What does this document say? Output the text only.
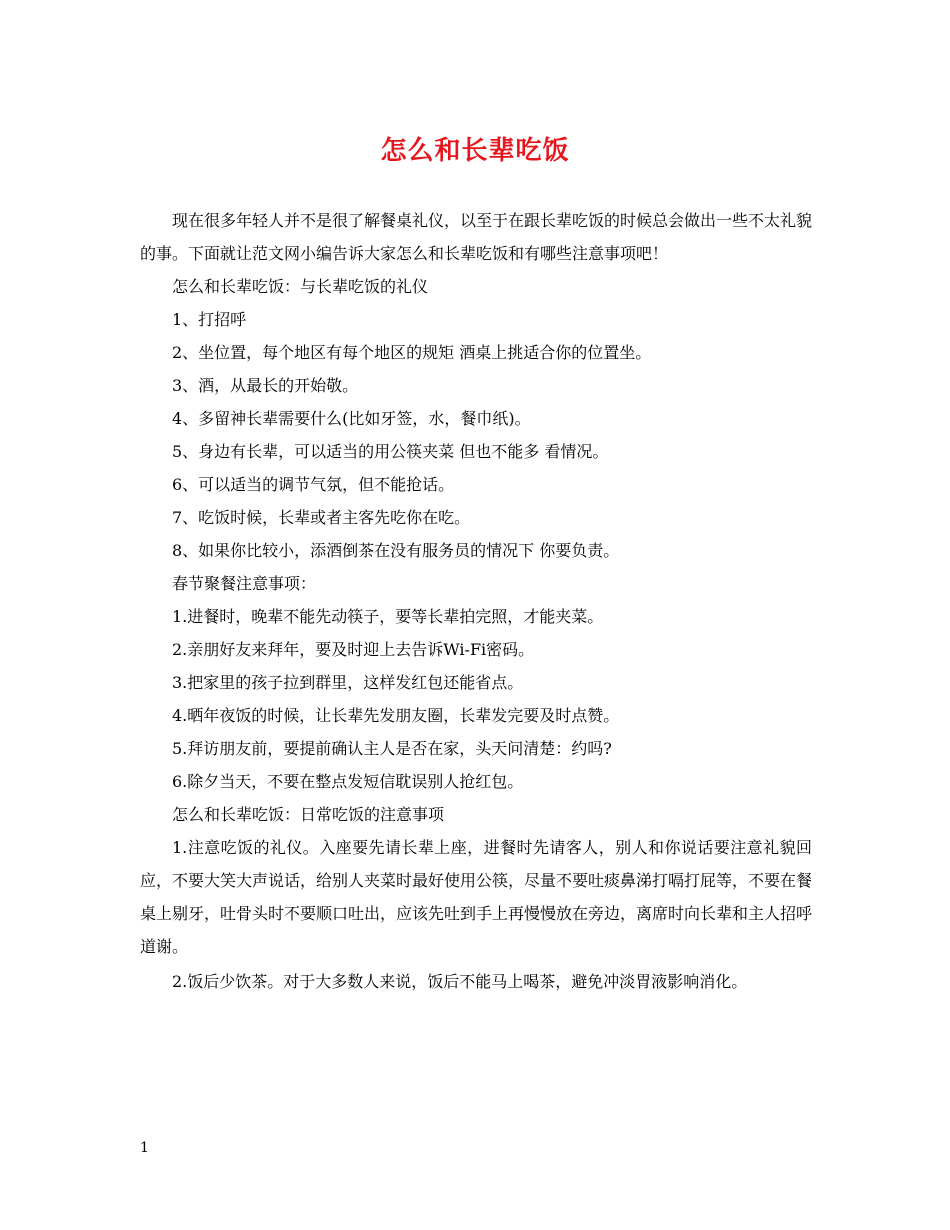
怎么和长辈吃饭

现在很多年轻人并不是很了解餐桌礼仪，以至于在跟长辈吃饭的时候总会做出一些不太礼貌的事。下面就让范文网小编告诉大家怎么和长辈吃饭和有哪些注意事项吧！

怎么和长辈吃饭：与长辈吃饭的礼仪

1、打招呼

2、坐位置，每个地区有每个地区的规矩 酒桌上挑适合你的位置坐。

3、酒，从最长的开始敬。

4、多留神长辈需要什么(比如牙签，水，餐巾纸)。

5、身边有长辈，可以适当的用公筷夹菜 但也不能多 看情况。

6、可以适当的调节气氛，但不能抢话。

7、吃饭时候，长辈或者主客先吃你在吃。

8、如果你比较小，添酒倒茶在没有服务员的情况下 你要负责。

春节聚餐注意事项：

1.进餐时，晚辈不能先动筷子，要等长辈拍完照，才能夹菜。

2.亲朋好友来拜年，要及时迎上去告诉Wi-Fi密码。

3.把家里的孩子拉到群里，这样发红包还能省点。

4.晒年夜饭的时候，让长辈先发朋友圈，长辈发完要及时点赞。

5.拜访朋友前，要提前确认主人是否在家，头天问清楚：约吗?

6.除夕当天，不要在整点发短信耽误别人抢红包。

怎么和长辈吃饭：日常吃饭的注意事项

1.注意吃饭的礼仪。入座要先请长辈上座，进餐时先请客人，别人和你说话要注意礼貌回应，不要大笑大声说话，给别人夹菜时最好使用公筷，尽量不要吐痰鼻涕打嗝打屁等，不要在餐桌上剔牙，吐骨头时不要顺口吐出，应该先吐到手上再慢慢放在旁边，离席时向长辈和主人招呼道谢。

2.饭后少饮茶。对于大多数人来说，饭后不能马上喝茶，避免冲淡胃液影响消化。

1
